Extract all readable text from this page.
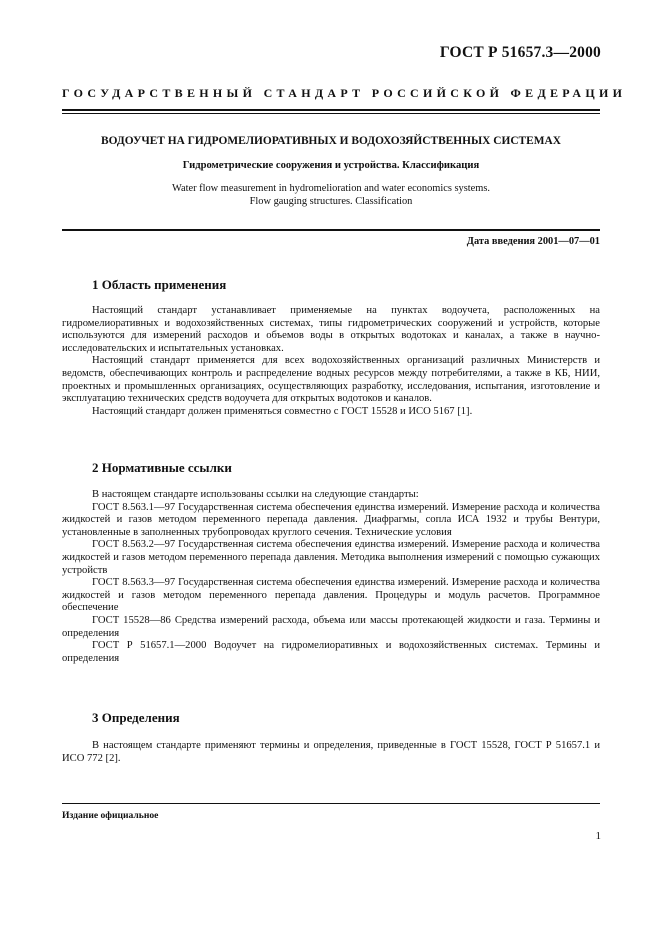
ГОСТ Р 51657.3—2000
ГОСУДАРСТВЕННЫЙ СТАНДАРТ РОССИЙСКОЙ ФЕДЕРАЦИИ
ВОДОУЧЕТ НА ГИДРОМЕЛИОРАТИВНЫХ И ВОДОХОЗЯЙСТВЕННЫХ СИСТЕМАХ
Гидрометрические сооружения и устройства. Классификация
Water flow measurement in hydromelioration and water economics systems.
Flow gauging structures. Classification
Дата введения 2001—07—01
1 Область применения

Настоящий стандарт устанавливает применяемые на пунктах водоучета, расположенных на гидромелиоративных и водохозяйственных системах, типы гидрометрических сооружений и устройств, которые используются для измерений расходов и объемов воды в открытых водотоках и каналах, а также в научно-исследовательских и испытательных установках.

Настоящий стандарт применяется для всех водохозяйственных организаций различных Министерств и ведомств, обеспечивающих контроль и распределение водных ресурсов между потребителями, а также в КБ, НИИ, проектных и промышленных организациях, осуществляющих разработку, исследования, испытания, изготовление и эксплуатацию технических средств водоучета для открытых водотоков и каналов.

Настоящий стандарт должен применяться совместно с ГОСТ 15528 и ИСО 5167 [1].

2 Нормативные ссылки

В настоящем стандарте использованы ссылки на следующие стандарты:

ГОСТ 8.563.1—97 Государственная система обеспечения единства измерений. Измерение расхода и количества жидкостей и газов методом переменного перепада давления. Диафрагмы, сопла ИСА 1932 и трубы Вентури, установленные в заполненных трубопроводах круглого сечения. Технические условия

ГОСТ 8.563.2—97 Государственная система обеспечения единства измерений. Измерение расхода и количества жидкостей и газов методом переменного перепада давления. Методика выполнения измерений с помощью сужающих устройств

ГОСТ 8.563.3—97 Государственная система обеспечения единства измерений. Измерение расхода и количества жидкостей и газов методом переменного перепада давления. Процедуры и модуль расчетов. Программное обеспечение

ГОСТ 15528—86 Средства измерений расхода, объема или массы протекающей жидкости и газа. Термины и определения

ГОСТ Р 51657.1—2000 Водоучет на гидромелиоративных и водохозяйственных системах. Термины и определения

3 Определения

В настоящем стандарте применяют термины и определения, приведенные в ГОСТ 15528, ГОСТ Р 51657.1 и ИСО 772 [2].

Издание официальное
1
